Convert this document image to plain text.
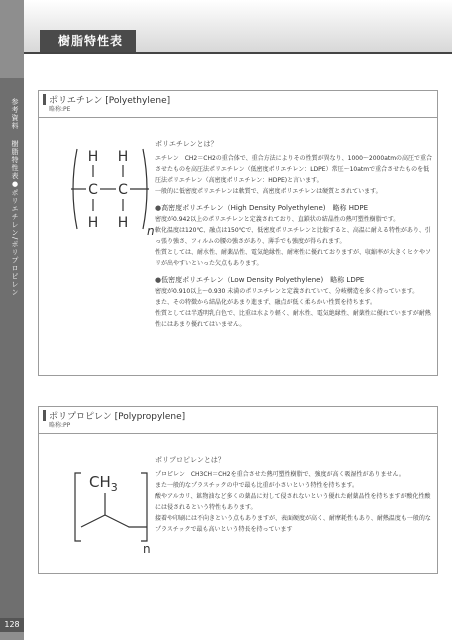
参考資料
樹脂特性表●ポリエチレン/ポリプロピレン
128
樹脂特性表
ポリエチレン [Polyethylene]
略称:PE
H H
C C
H H n

ポリエチレンとは？

エチレン　CH2＝CH2の重合体で、重合方法によりその性質が異なり、1000～2000atmの高圧で重合させたものを高圧法ポリエチレン（低密度ポリエチレン：LDPE）常圧～10atmで重合させたものを低圧法ポリエチレン（高密度ポリエチレン：HDPE)と言います。

一般的に低密度ポリエチレンは軟質で、高密度ポリエチレンは硬質とされています。

●高密度ポリエチレン（High Density Polyethylene)　略称 HDPE

密度が0.942以上のポリエチレンと定義されており、直鎖状の結晶性の熱可塑性樹脂です。

軟化温度は120℃、融点は150℃で、低密度ポリエチレンと比較すると、高温に耐える特性があり、引っ張り強さ、フィルムの腰の強さがあり、薄手でも強度が得られます。

性質としては、耐水性、耐薬品性、電気絶縁性、耐寒性に優れておりますが、収縮率が大きくヒケやソリが出やすいといった欠点もあります。

●低密度ポリエチレン（Low Density Polyethylene)　略称 LDPE

密度が0.910以上～0.930 未満のポリエチレンと定義されていて、分岐構造を多く持っています。

また、その特徴から結晶化があまり進まず、融点が低く柔らかい性質を持ちます。

性質としては半透明乳白色で、比重は水より軽く、耐水性、電気絶縁性、耐薬性に優れていますが耐熱性にはあまり優れてはいません。

ポリプロピレン [Polypropylene]
略称:PP
$CH_3$
n

ポリプロピレンとは？

プロピレン　CH3CH＝CH2を重合させた熱可塑性樹脂で、強度が高く吸湿性がありません。

また一般的なプラスチックの中で最も比重が小さいという特性を持ちます。

酸やアルカリ、鉱物油など多くの薬品に対して侵されないという優れた耐薬品性を持ちますが酸化性酸には侵されるという特性もあります。

接着や印刷には不向きという点もありますが、表面硬度が高く、耐摩耗性もあり、耐熱温度も一般的なプラスチックで最も高いという特長を持っています
